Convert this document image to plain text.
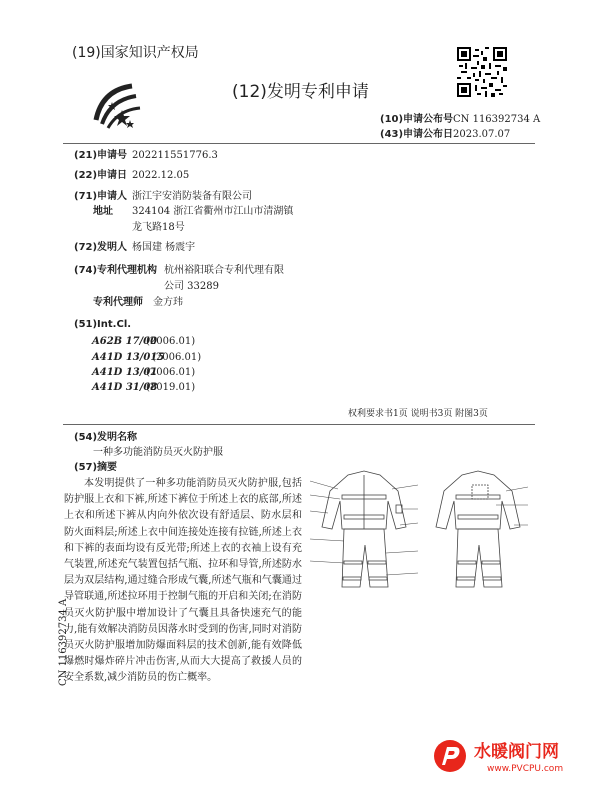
(19)国家知识产权局
(12)发明专利申请
(10)申请公布号 CN 116392734 A
(43)申请公布日 2023.07.07
(21)申请号 202211551776.3
(22)申请日 2022.12.05
(71)申请人 浙江宇安消防装备有限公司
地址 324104 浙江省衢州市江山市清湖镇
龙飞路18号
(72)发明人 杨国建 杨震宇
(74)专利代理机构 杭州裕阳联合专利代理有限
公司 33289
专利代理师 金方玮
(51)Int.Cl.
A62B 17/00
(2006.01)
A41D 13/015
(2006.01)
A41D 13/01
(2006.01)
A41D 31/08
(2019.01)
权利要求书1页 说明书3页 附图3页
(54)发明名称
一种多功能消防员灭火防护服
(57)摘要
本发明提供了一种多功能消防员灭火防护服,包括防护服上衣和下裤,所述下裤位于所述上衣的底部,所述上衣和所述下裤从内向外依次设有舒适层、防水层和防火面料层;所述上衣中间连接处连接有拉链,所述上衣和下裤的表面均设有反光带;所述上衣的衣袖上设有充气装置,所述充气装置包括气瓶、拉环和导管,所述防水层为双层结构,通过缝合形成气囊,所述气瓶和气囊通过导管联通,所述拉环用于控制气瓶的开启和关闭;在消防员灭火防护服中增加设计了气囊且具备快速充气的能力,能有效解决消防员因落水时受到的伤害,同时对消防员灭火防护服增加防爆面料层的技术创新,能有效降低爆燃时爆炸碎片冲击伤害,从而大大提高了救援人员的安全系数,减少消防员的伤亡概率。
CN 116392734 A
水暖阀门网
www.PVCPU.com
